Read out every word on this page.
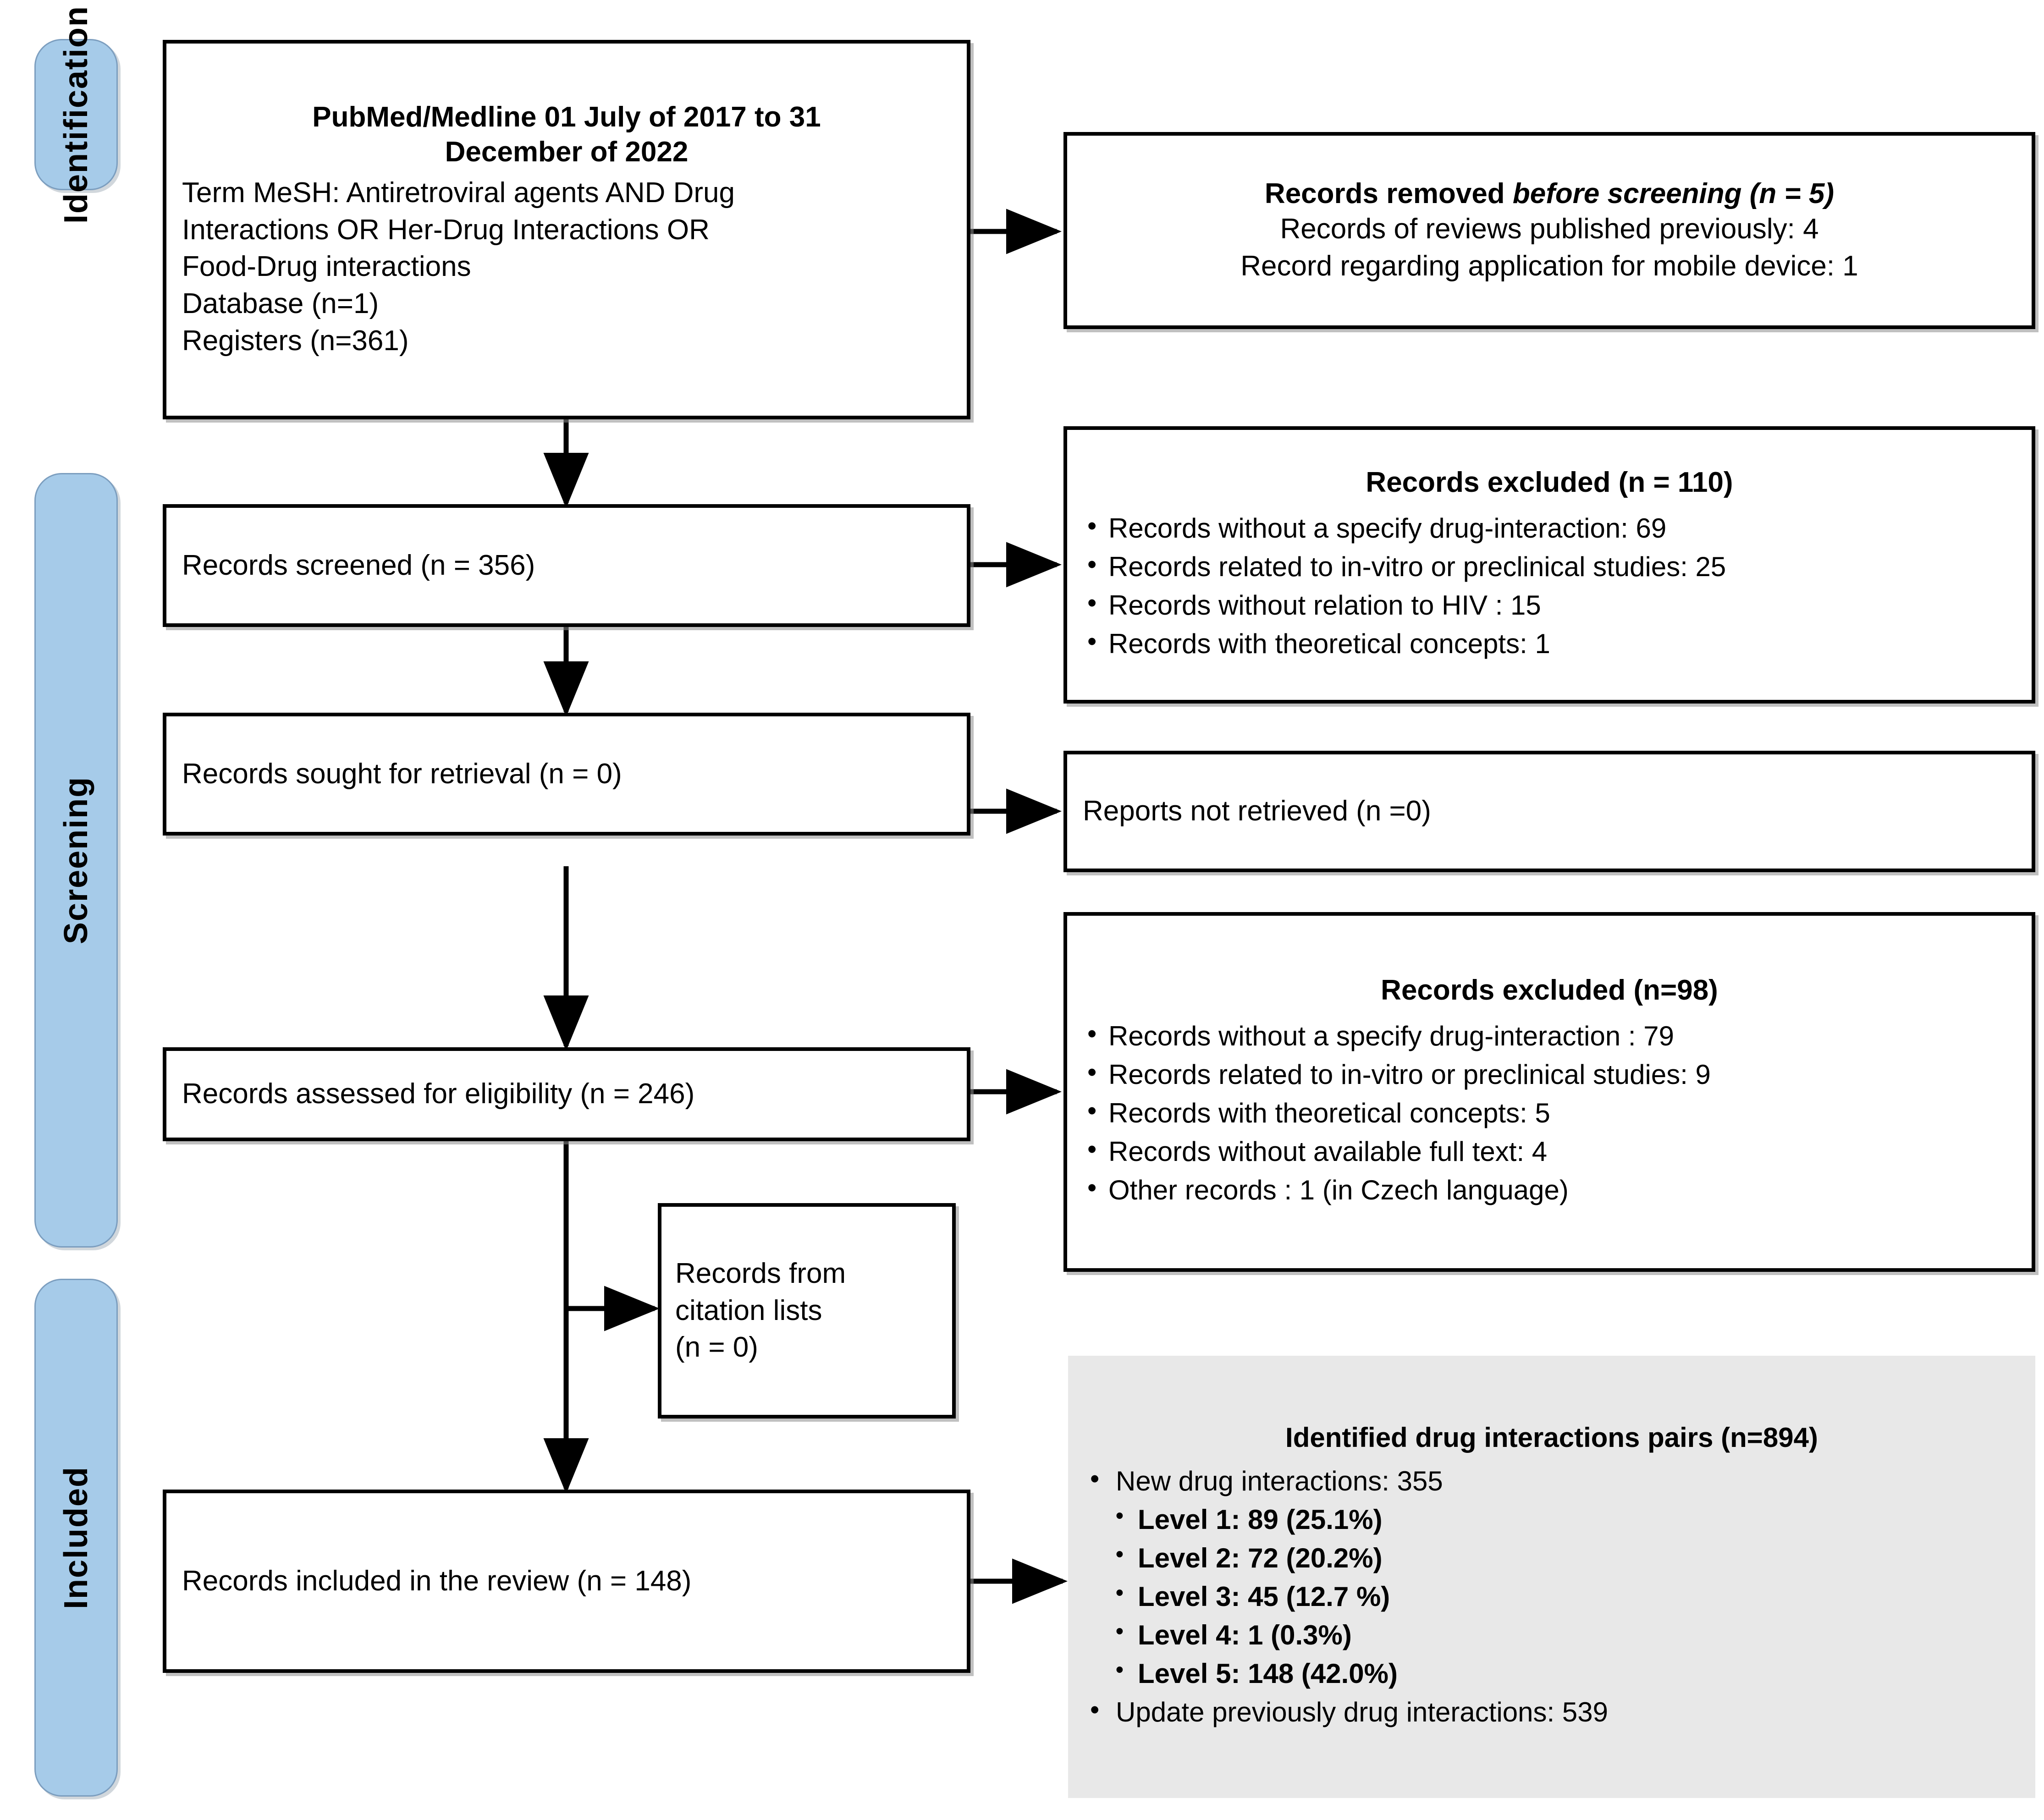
Identification
Screening
Included
PubMed/Medline 01 July of 2017 to 31
December of 2022
Term MeSH: Antiretroviral agents AND Drug
Interactions OR Her-Drug Interactions OR
Food-Drug interactions
Database (n=1)
Registers (n=361)
Records removed before screening (n = 5)
Records of reviews published previously: 4
Record regarding application for mobile device: 1
Records screened (n = 356)
Records excluded (n = 110)
• Records without a specify drug-interaction: 69
• Records related to in-vitro or preclinical studies: 25
• Records without relation to HIV : 15
• Records with theoretical concepts: 1
Records sought for retrieval (n = 0)
Reports not retrieved (n =0)
Records assessed for eligibility (n = 246)
Records excluded (n=98)
• Records without a specify drug-interaction : 79
• Records related to in-vitro or preclinical studies: 9
• Records with theoretical concepts: 5
• Records without available full text: 4
• Other records : 1 (in Czech language)
Records from
citation lists
(n = 0)
Records included in the review (n = 148)
Identified drug interactions pairs (n=894)
• New drug interactions: 355
• Level 1: 89 (25.1%)
• Level 2: 72 (20.2%)
• Level 3: 45 (12.7 %)
• Level 4: 1 (0.3%)
• Level 5: 148 (42.0%)
• Update previously drug interactions: 539
